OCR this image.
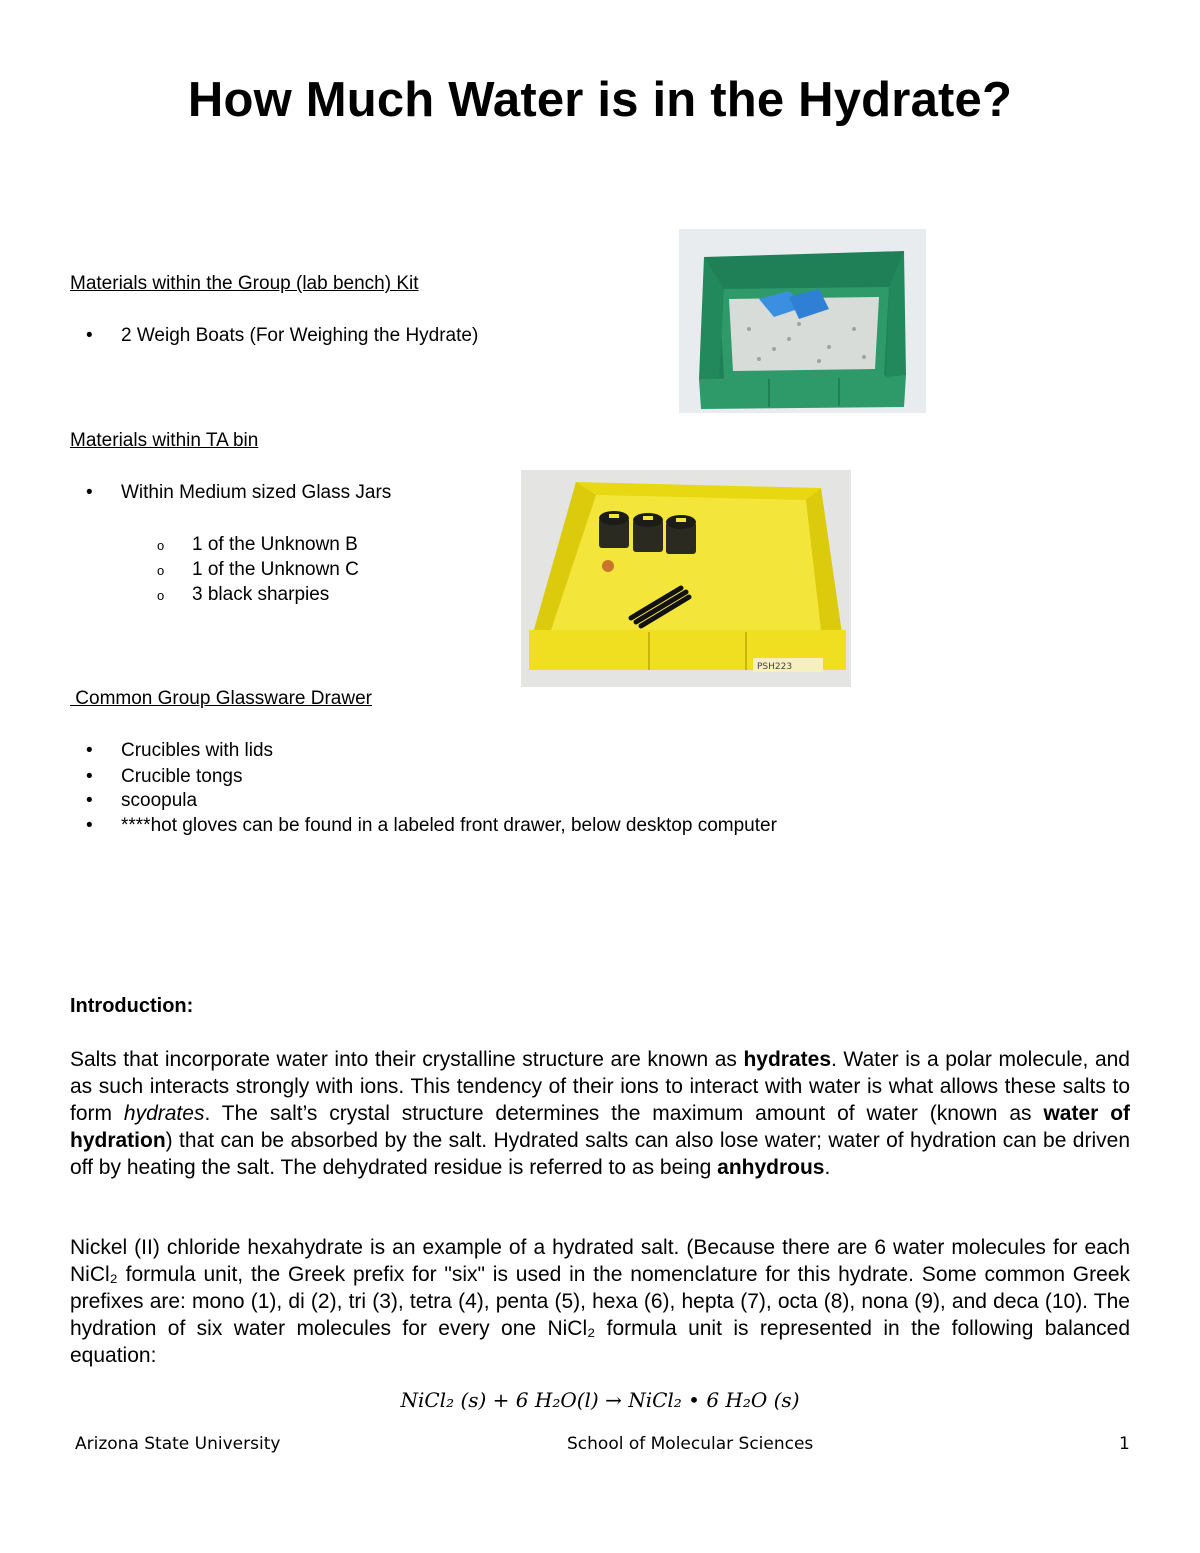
How Much Water is in the Hydrate?
Materials within the Group (lab bench) Kit
• 2 Weigh Boats (For Weighing the Hydrate)
Materials within TA bin
• Within Medium sized Glass Jars
o 1 of the Unknown B
o 1 of the Unknown C
o 3 black sharpies
PSH223
Common Group Glassware Drawer
• Crucibles with lids
• Crucible tongs
• scoopula
• ****hot gloves can be found in a labeled front drawer, below desktop computer
Introduction:
Salts that incorporate water into their crystalline structure are known as hydrates. Water is a polar molecule, and as such interacts strongly with ions. This tendency of their ions to interact with water is what allows these salts to form hydrates. The salt’s crystal structure determines the maximum amount of water (known as water of hydration) that can be absorbed by the salt. Hydrated salts can also lose water; water of hydration can be driven off by heating the salt. The dehydrated residue is referred to as being anhydrous.
Nickel (II) chloride hexahydrate is an example of a hydrated salt. (Because there are 6 water molecules for each NiCl₂ formula unit, the Greek prefix for "six" is used in the nomenclature for this hydrate. Some common Greek prefixes are: mono (1), di (2), tri (3), tetra (4), penta (5), hexa (6), hepta (7), octa (8), nona (9), and deca (10). The hydration of six water molecules for every one NiCl₂ formula unit is represented in the following balanced equation:
NiCl₂ (s) + 6 H₂O(l) → NiCl₂ • 6 H₂O (s)
Arizona State University	School of Molecular Sciences	1
